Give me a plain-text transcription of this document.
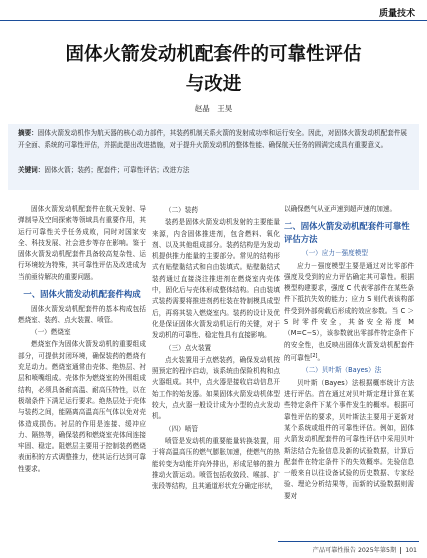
质量技术
固体火箭发动机配套件的可靠性评估
与改进
赵晶　王昊
摘要：固体火箭发动机作为航天器的核心动力部件，其装药机制关系火箭的发射成功率和运行安全。因此，对固体火箭发动机配套件展开全面、系统的可靠性评估，并据此提出改进措施，对于提升火箭发动机的整体性能、确保航天任务的圆满完成具有重要意义。
关键词：固体火箭；装药；配套件；可靠性评估；改进方法

固体火箭发动机配套件在航天发射、导弹制导及空间探索等领域具有重要作用，其运行可靠性关乎任务成败，同时对国家安全、科技发展、社会进步等存在影响。鉴于固体火箭发动机配套件具备较高复杂性、运行环境较为特殊，其可靠性评估及改进成为当前亟待解决的重要问题。

一、固体火箭发动机配套件构成

固体火箭发动机配套件的基本构成包括燃烧室、装药、点火装置、喷管。

（一）燃烧室

燃烧室作为固体火箭发动机的重要组成部分，可提供封闭环境，确保装药的燃烧有充足动力。燃烧室通常由壳体、绝热层、衬层和喷嘴组成。壳体作为燃烧室的外围组成结构，必须具备耐高温、耐高压特性，以在极端条件下满足运行要求。绝热层处于壳体与装药之间，能隔离高温高压气体以免对壳体造成损伤。衬层的作用是连接、缓冲应力、隔热等，确保装药和燃烧室壳体间连接牢固、稳定。阻燃层主要用于控制装药燃烧表面积的方式调整推力，使其运行达到可靠性要求。

（二）装药

装药是固体火箭发动机发射的主要能量来源，内含固体推进剂，包含燃料、氧化剂、以及其他组成部分。装药结构是为发动机提供推力能量的主要部分。常见的结构形式有贴壁黏结式和自由装填式。贴壁黏结式装药通过直接浇注推进剂在燃烧室内壳体中，固化后与壳体形成整体结构。自由装填式装药需要将推进剂药柱装在特制模具成型后，再将其装入燃烧室内。装药的设计及优化是保证固体火箭发动机运行的关键，对于发动机的可靠性、稳定性具有直接影响。

（三）点火装置

点火装置用于点燃装药，确保发动机按照预定的程序启动，该系统由保险机构和点火器组成。其中，点火器是接收启动信息开始工作的始发器。如果固体火箭发动机体型较大，点火器一般设计成为小型的点火发动机。

（四）喷管

喷管是发动机的重要能量转换装置，用于将高温高压的燃气膨胀加速，使燃气的热能转变为动能并向外排出，形成足够的推力推动火箭运动。喷管包括收敛段、喉部、扩张段等结构，且其通道形状充分确定形状，

以确保燃气从亚声速到超声速的加速。

二、固体火箭发动机配套件可靠性评估方法
（一）应力－强度模型

应力－强度模型主要是通过对比零部件强度及受到的应力评估确定其可靠性。根据模型构建要求，强度 C 代表零部件在某些条件下抵抗失效的能力；应力 S 则代表该构部件受到外部荷载后形成的效应参数。当 C ＞ S 时零件安全，其备安全裕度 M（M=C−S），该参数就出零部件特定条件下的安全性，也反映出固体火箭发动机配套件的可靠性[2]。

（二）贝叶斯（Bayes）法

贝叶斯（Bayes）法根据概率统计方法进行评估。首在通过对贝叶斯定理计算在某些特定条件下某个事件发生的概率。根据可靠性评估的要求，贝叶斯法主要用于更新对某个系统或组件的可靠性评估。例如，固体火箭发动机配套件的可靠性评估中采用贝叶斯法结合先验信息及新的试验数据，计算后配套件在特定条件下的失效概率。先验信息一般来自以往设备试验的历史数据、专家经验、理论分析结果等，而新的试验数据则需要对

产品可靠性报告 2025年第5期 101
